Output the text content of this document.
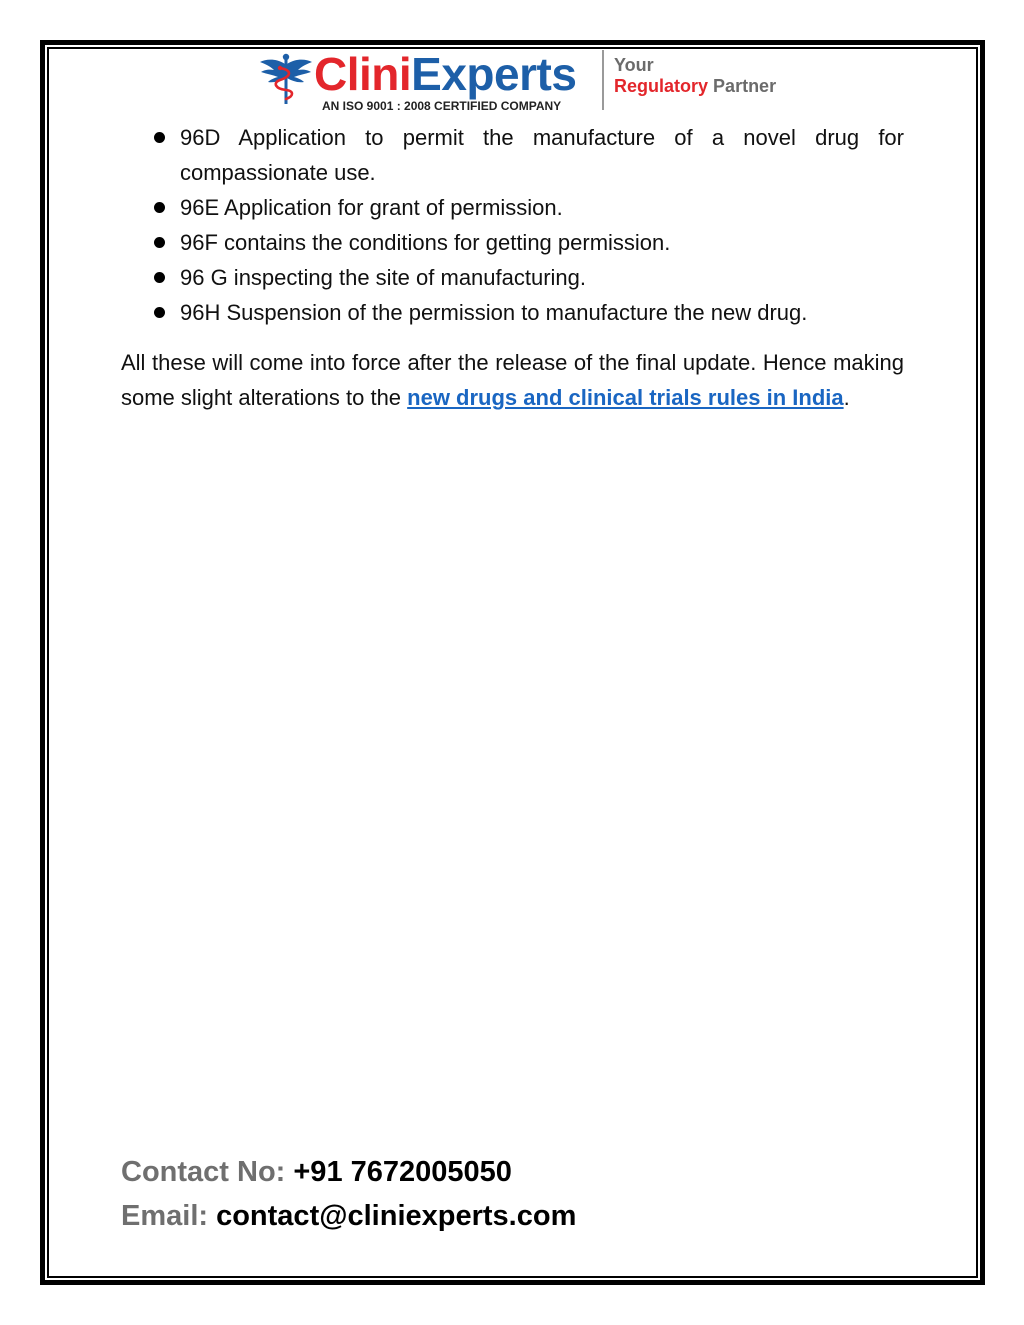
CliniExperts
AN ISO 9001 : 2008 CERTIFIED COMPANY
Your
Regulatory Partner
96D Application to permit the manufacture of a novel drug for compassionate use.
96E Application for grant of permission.
96F contains the conditions for getting permission.
96 G inspecting the site of manufacturing.
96H Suspension of the permission to manufacture the new drug.

All these will come into force after the release of the final update. Hence making some slight alterations to the new drugs and clinical trials rules in India.

Contact No: +91 7672005050
Email: contact@cliniexperts.com
